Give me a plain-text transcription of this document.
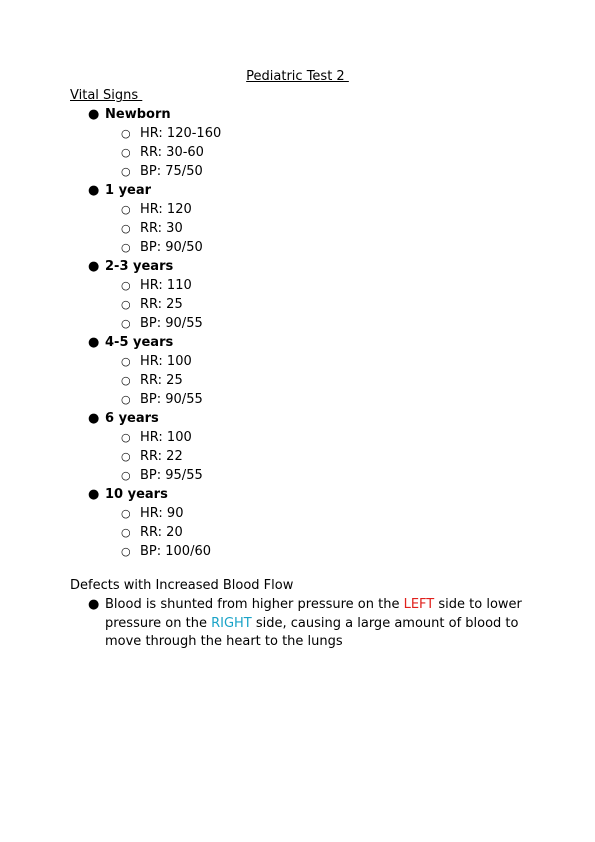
Pediatric Test 2
Vital Signs
● Newborn
○ HR: 120-160
○ RR: 30-60
○ BP: 75/50
● 1 year
○ HR: 120
○ RR: 30
○ BP: 90/50
● 2-3 years
○ HR: 110
○ RR: 25
○ BP: 90/55
● 4-5 years
○ HR: 100
○ RR: 25
○ BP: 90/55
● 6 years
○ HR: 100
○ RR: 22
○ BP: 95/55
● 10 years
○ HR: 90
○ RR: 20
○ BP: 100/60
Defects with Increased Blood Flow
● Blood is shunted from higher pressure on the LEFT side to lower pressure on the RIGHT side, causing a large amount of blood to move through the heart to the lungs
